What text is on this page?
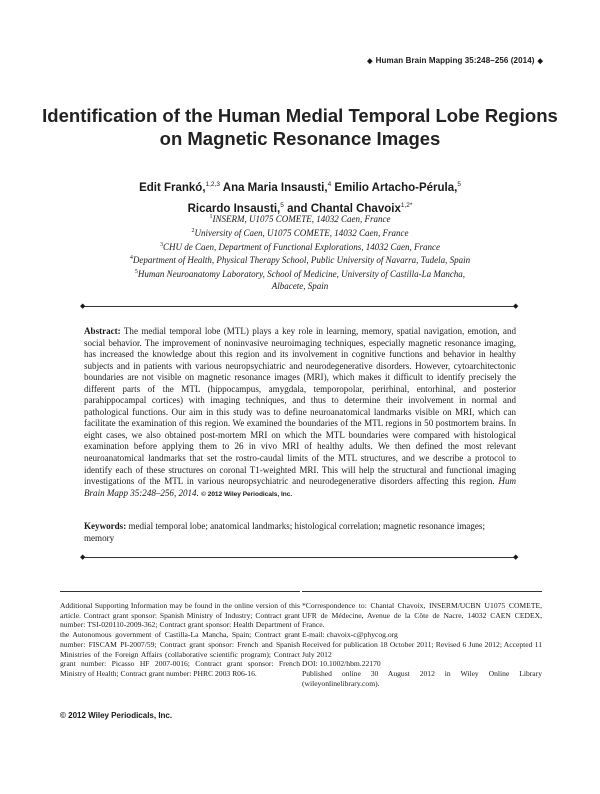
◆ Human Brain Mapping 35:248–256 (2014) ◆
Identification of the Human Medial Temporal Lobe Regions on Magnetic Resonance Images
Edit Frankó,$^{1,2,3}$ Ana Maria Insausti,$^4$ Emilio Artacho-Pérula,$^5$
Ricardo Insausti,$^5$ and Chantal Chavoix$^{1,2*}$
$^1$INSERM, U1075 COMETE, 14032 Caen, France
$^2$University of Caen, U1075 COMETE, 14032 Caen, France
$^3$CHU de Caen, Department of Functional Explorations, 14032 Caen, France
$^4$Department of Health, Physical Therapy School, Public University of Navarra, Tudela, Spain
$^5$Human Neuroanatomy Laboratory, School of Medicine, University of Castilla-La Mancha,
Albacete, Spain
◆	◆
Abstract: The medial temporal lobe (MTL) plays a key role in learning, memory, spatial navigation, emotion, and social behavior. The improvement of noninvasive neuroimaging techniques, especially magnetic resonance imaging, has increased the knowledge about this region and its involvement in cognitive functions and behavior in healthy subjects and in patients with various neuropsychiatric and neurodegenerative disorders. However, cytoarchitectonic boundaries are not visible on magnetic resonance images (MRI), which makes it difficult to identify precisely the different parts of the MTL (hippocampus, amygdala, temporopolar, perirhinal, entorhinal, and posterior parahippocampal cortices) with imaging techniques, and thus to determine their involvement in normal and pathological functions. Our aim in this study was to define neuroanatomical landmarks visible on MRI, which can facilitate the examination of this region. We examined the boundaries of the MTL regions in 50 postmortem brains. In eight cases, we also obtained post-mortem MRI on which the MTL boundaries were compared with histological examination before applying them to 26 in vivo MRI of healthy adults. We then defined the most relevant neuroanatomical landmarks that set the rostro-caudal limits of the MTL structures, and we describe a protocol to identify each of these structures on coronal T1-weighted MRI. This will help the structural and functional imaging investigations of the MTL in various neuropsychiatric and neurodegenerative disorders affecting this region. Hum Brain Mapp 35:248–256, 2014. © 2012 Wiley Periodicals, Inc.
Keywords: medial temporal lobe; anatomical landmarks; histological correlation; magnetic resonance images; memory
◆	◆
Additional Supporting Information may be found in the online version of this article. Contract grant sponsor: Spanish Ministry of Industry; Contract grant number: TSI-020110-2009-362; Contract grant sponsor: Health Department of the Autonomous government of Castilla-La Mancha, Spain; Contract grant number: FISCAM PI-2007/59; Contract grant sponsor: French and Spanish Ministries of the Foreign Affairs (collaborative scientific program); Contract grant number: Picasso HF 2007-0016; Contract grant sponsor: French Ministry of Health; Contract grant number: PHRC 2003 R06-16.
*Correspondence to: Chantal Chavoix, INSERM/UCBN U1075 COMETE, UFR de Médecine, Avenue de la Côte de Nacre, 14032 CAEN CEDEX, France.
E-mail: chavoix-c@phycog.org
Received for publication 18 October 2011; Revised 6 June 2012; Accepted 11 July 2012
DOI: 10.1002/hbm.22170
Published online 30 August 2012 in Wiley Online Library (wileyonlinelibrary.com).
© 2012 Wiley Periodicals, Inc.
